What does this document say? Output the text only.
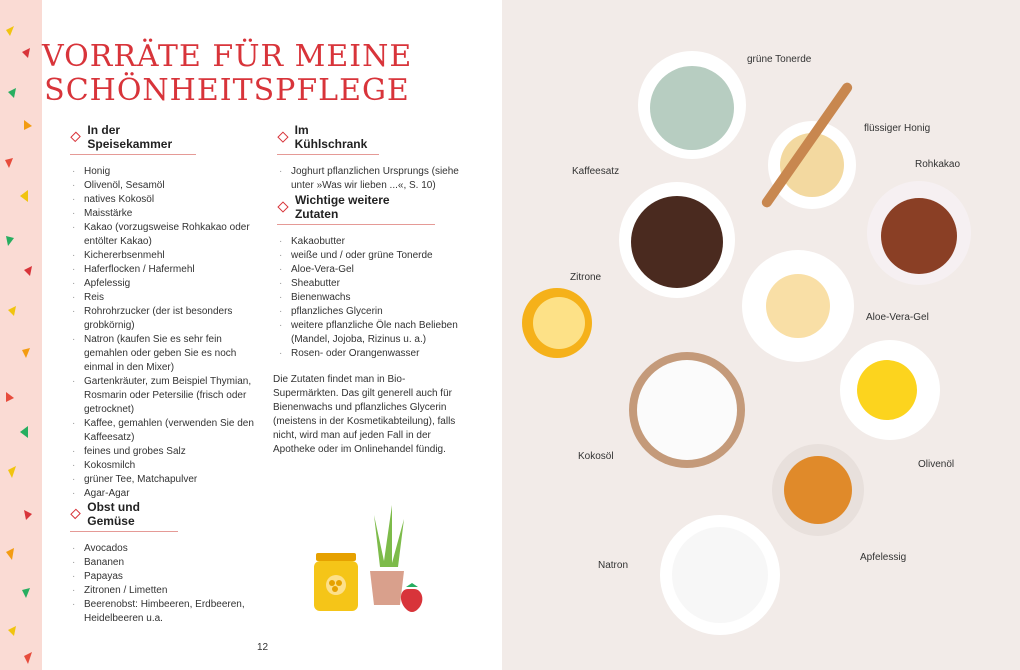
VORRÄTE FÜR MEINE
SCHÖNHEITSPFLEGE
In der Speisekammer
· Honig
· Olivenöl, Sesamöl
· natives Kokosöl
· Maisstärke
· Kakao (vorzugsweise Rohkakao oder entölter Kakao)
· Kichererbsenmehl
· Haferflocken / Hafermehl
· Apfelessig
· Reis
· Rohrohrzucker (der ist besonders grobkörnig)
· Natron (kaufen Sie es sehr fein gemahlen oder geben Sie es noch einmal in den Mixer)
· Gartenkräuter, zum Beispiel Thymian, Rosmarin oder Petersilie (frisch oder getrocknet)
· Kaffee, gemahlen (verwenden Sie den Kaffeesatz)
· feines und grobes Salz
· Kokosmilch
· grüner Tee, Matchapulver
· Agar-Agar
Obst und Gemüse
· Avocados
· Bananen
· Papayas
· Zitronen / Limetten
· Beerenobst: Himbeeren, Erdbeeren, Heidelbeeren u.a.
Im Kühlschrank
· Joghurt pflanzlichen Ursprungs (siehe unter »Was wir lieben ...«, S. 10)
Wichtige weitere Zutaten
· Kakaobutter
· weiße und / oder grüne Tonerde
· Aloe-Vera-Gel
· Sheabutter
· Bienenwachs
· pflanzliches Glycerin
· weitere pflanzliche Öle nach Belieben (Mandel, Jojoba, Rizinus u. a.)
· Rosen- oder Orangenwasser
Die Zutaten findet man in Bio-Supermärkten. Das gilt generell auch für Bienenwachs und pflanzliches Glycerin (meistens in der Kosmetikabteilung), falls nicht, wird man auf jeden Fall in der Apotheke oder im Onlinehandel fündig.
12
grüne Tonerde
flüssiger Honig
Rohkakao
Kaffeesatz
Zitrone
Aloe-Vera-Gel
Olivenöl
Kokosöl
Apfelessig
Natron
